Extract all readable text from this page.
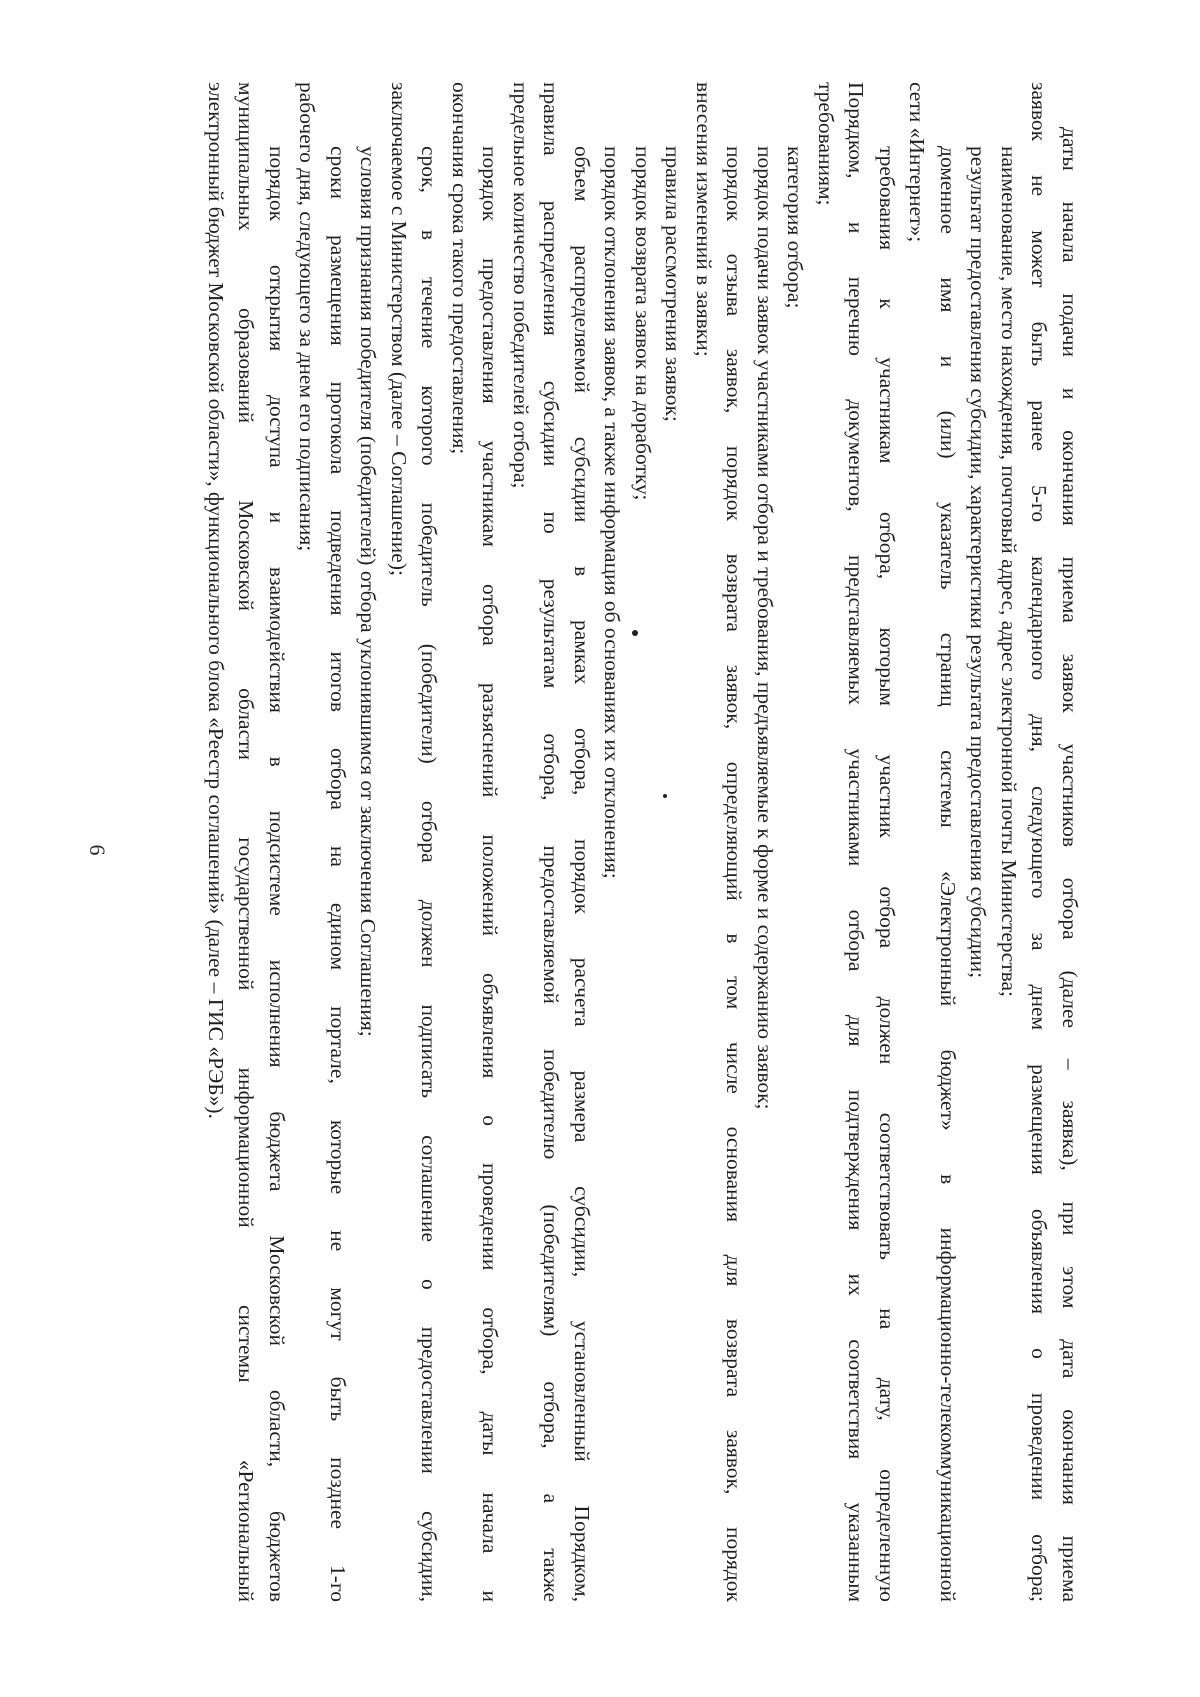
6	даты начала подачи и окончания приема заявок участников отбора (далее – заявка), при этом дата окончания приема
заявок не может быть ранее 5-го календарного дня, следующего за днем размещения объявления о проведении отбора;
наименование, место нахождения, почтовый адрес, адрес электронной почты Министерства;
результат предоставления субсидии, характеристики результата предоставления субсидии;
доменное имя и (или) указатель страниц системы «Электронный бюджет» в информационно-телекоммуникационной
сети «Интернет»;
требования к участникам отбора, которым участник отбора должен соответствовать на дату, определенную
Порядком, и перечню документов, представляемых участниками отбора для подтверждения их соответствия указанным
требованиям;
категория отбора;
порядок подачи заявок участниками отбора и требования, предъявляемые к форме и содержанию заявок;
порядок отзыва заявок, порядок возврата заявок, определяющий в том числе основания для возврата заявок, порядок
внесения изменений в заявки;
правила рассмотрения заявок;
порядок возврата заявок на доработку;
порядок отклонения заявок, а также информация об основаниях их отклонения;
объем распределяемой субсидии в рамках отбора, порядок расчета размера субсидии, установленный Порядком,
правила распределения субсидии по результатам отбора, предоставляемой победителю (победителям) отбора, а также
предельное количество победителей отбора;
порядок предоставления участникам отбора разъяснений положений объявления о проведении отбора, даты начала и
окончания срока такого предоставления;
срок, в течение которого победитель (победители) отбора должен подписать соглашение о предоставлении субсидии,
заключаемое с Министерством (далее – Соглашение);
условия признания победителя (победителей) отбора уклонившимся от заключения Соглашения;
сроки размещения протокола подведения итогов отбора на едином портале, которые не могут быть позднее 1-го
рабочего дня, следующего за днем его подписания;
порядок открытия доступа и взаимодействия в подсистеме исполнения бюджета Московской области, бюджетов
муниципальных образований Московской области государственной информационной системы «Региональный
электронный бюджет Московской области», функционального блока «Реестр соглашений» (далее – ГИС «РЭБ»).
